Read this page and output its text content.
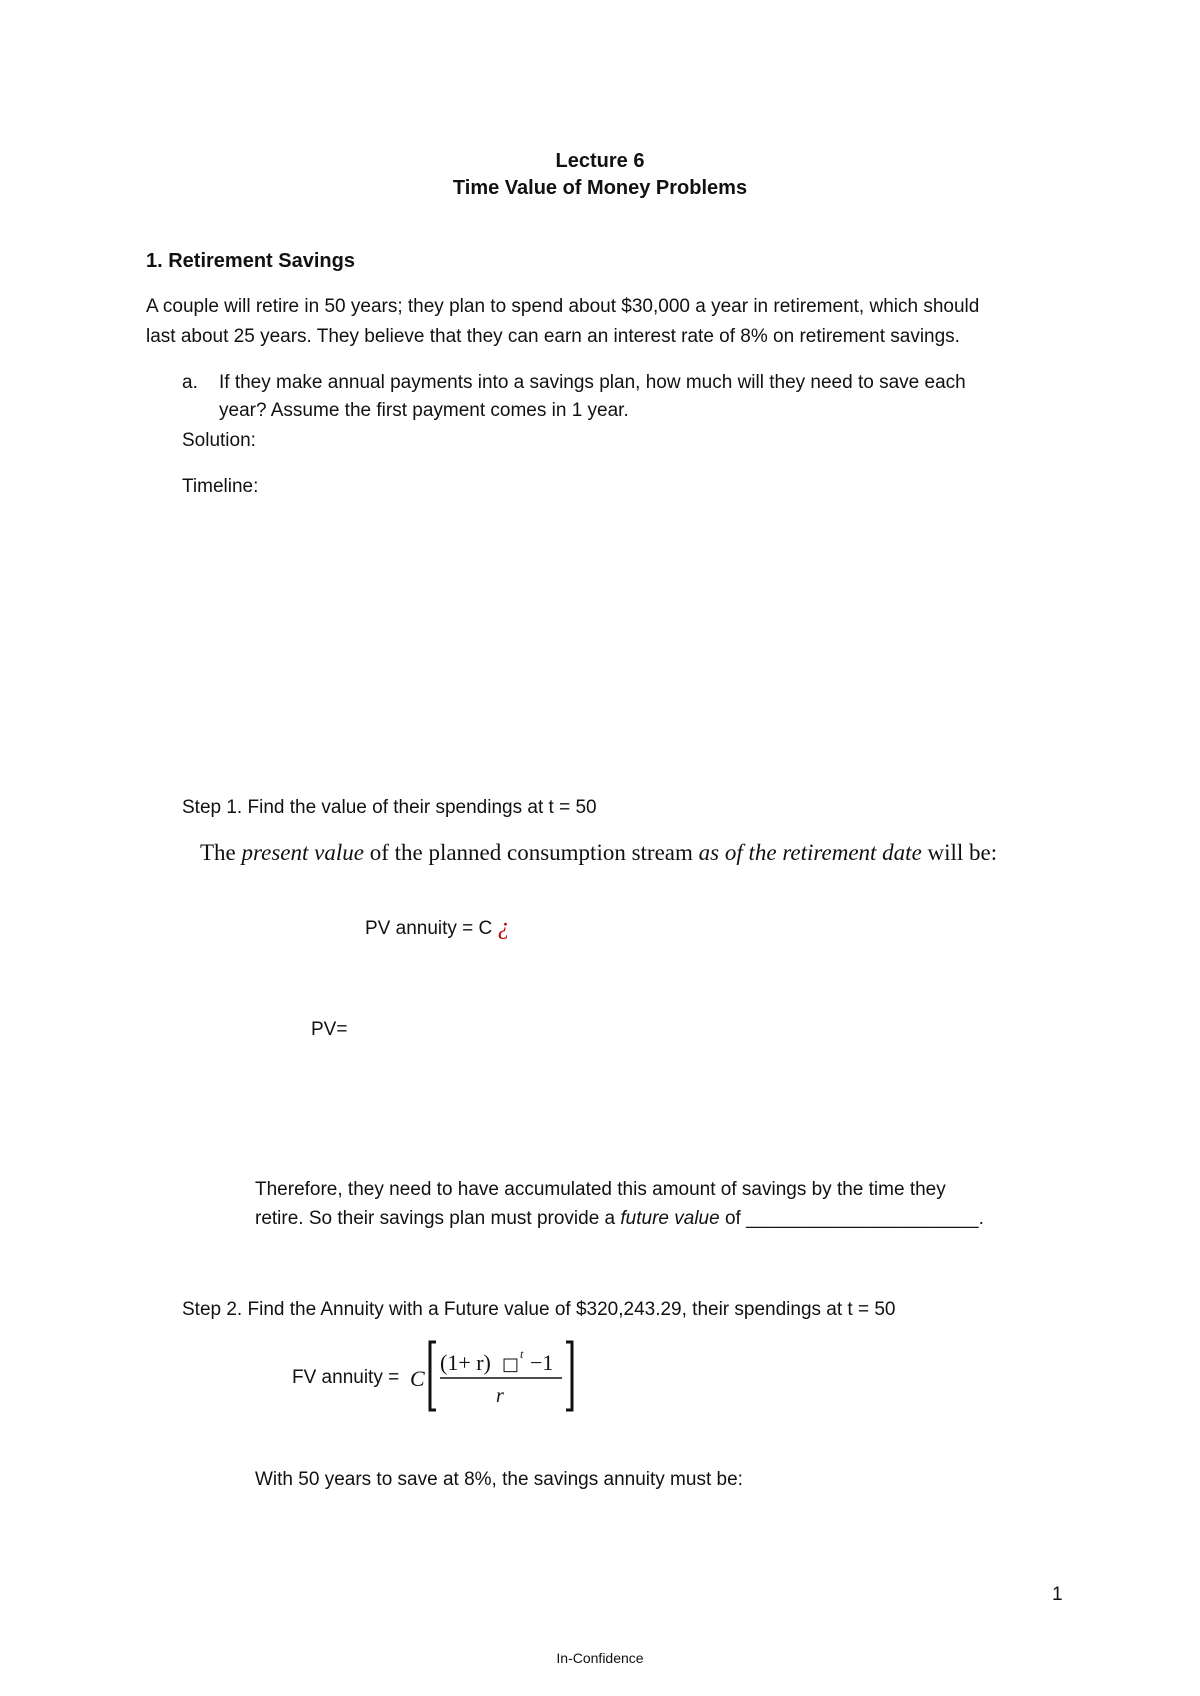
Lecture 6
Time Value of Money Problems
1. Retirement Savings
A couple will retire in 50 years; they plan to spend about $30,000 a year in retirement, which should
last about 25 years. They believe that they can earn an interest rate of 8% on retirement savings.
a. If they make annual payments into a savings plan, how much will they need to save each
year? Assume the first payment comes in 1 year.
Solution:
Timeline:
Step 1. Find the value of their spendings at t = 50
The present value of the planned consumption stream as of the retirement date will be:
PV annuity = C ¿
PV=
Therefore, they need to have accumulated this amount of savings by the time they
retire. So their savings plan must provide a future value of ______________________.
Step 2. Find the Annuity with a Future value of $320,243.29, their spendings at t = 50
FV annuity = C
(1+ r) □ t −1
r
With 50 years to save at 8%, the savings annuity must be:
1
In-Confidence
